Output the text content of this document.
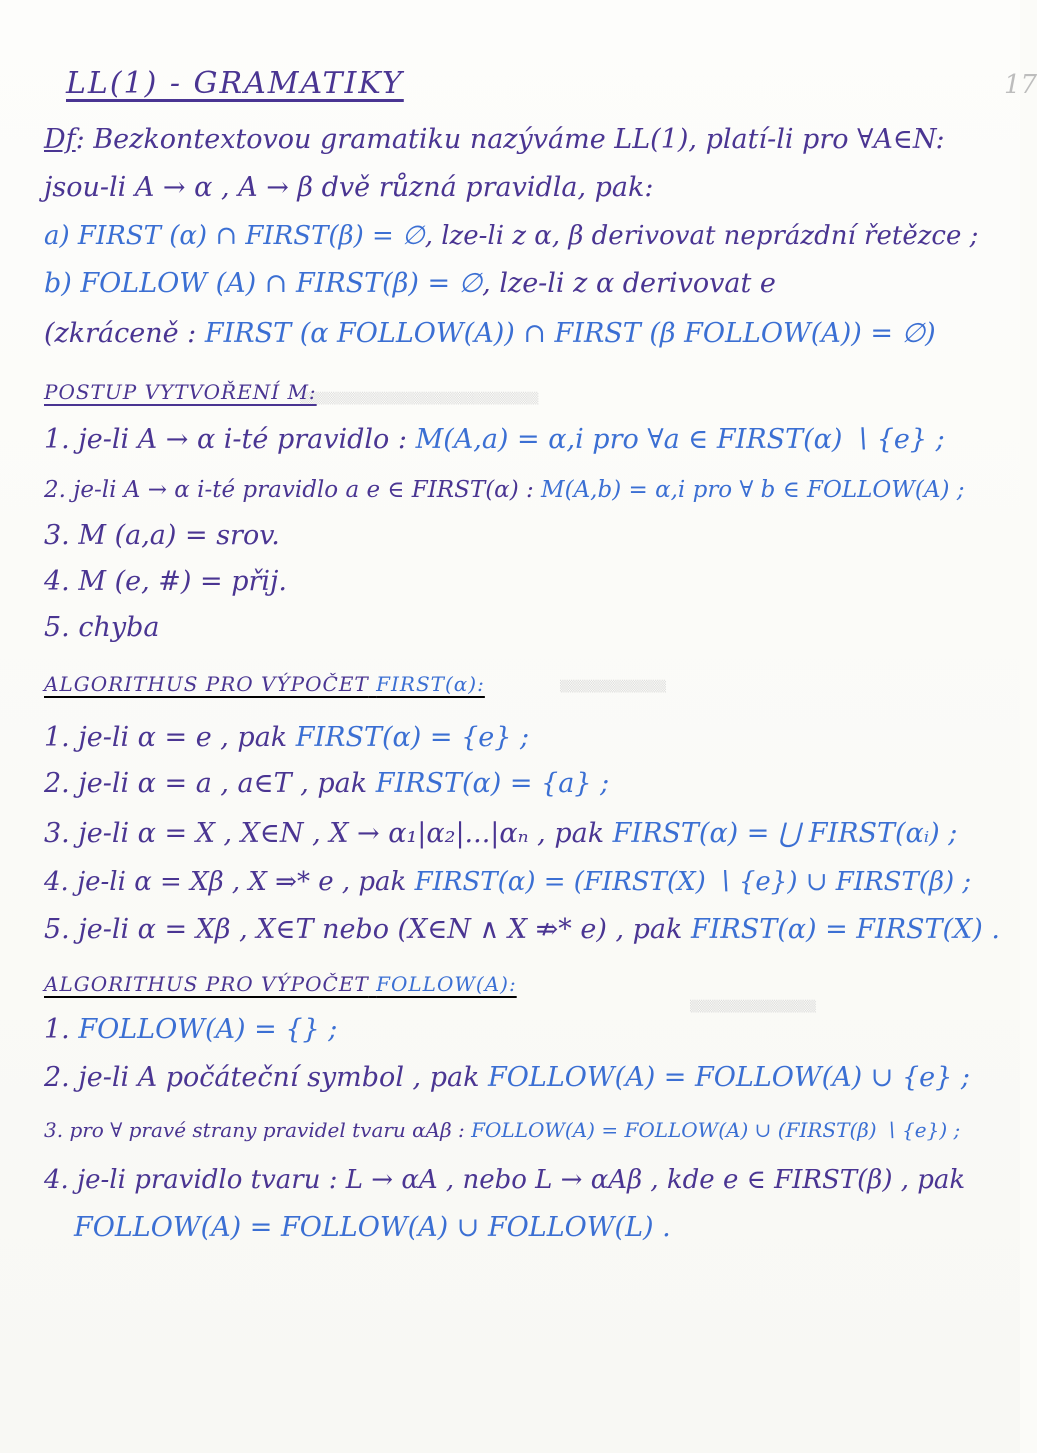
17
▒▒▒▒▒▒▒▒▒▒▒▒▒▒▒▒▒▒▒▒▒▒▒▒▒▒▒▒▒▒▒▒▒▒▒▒
▒▒▒▒▒▒▒▒▒▒▒▒▒▒▒▒
▒▒▒▒▒▒▒▒▒▒▒▒▒▒▒▒▒▒▒
LL(1) - GRAMATIKY
Df: Bezkontextovou gramatiku nazýváme LL(1), platí-li pro ∀A∈N:
jsou-li A → α , A → β dvě různá pravidla, pak:
a) FIRST (α) ∩ FIRST(β) = ∅, lze-li z α, β derivovat neprázdní řetězce ;
b) FOLLOW (A) ∩ FIRST(β) = ∅, lze-li z α derivovat e
(zkráceně : FIRST (α FOLLOW(A)) ∩ FIRST (β FOLLOW(A)) = ∅)
POSTUP VYTVOŘENÍ M:
1. je-li A → α i-té pravidlo : M(A,a) = α,i pro ∀a ∈ FIRST(α) ∖ {e} ;
2. je-li A → α i-té pravidlo a e ∈ FIRST(α) : M(A,b) = α,i pro ∀ b ∈ FOLLOW(A) ;
3. M (a,a) = srov.
4. M (e, #) = přij.
5. chyba
ALGORITHUS PRO VÝPOČET FIRST(α):
1. je-li α = e , pak FIRST(α) = {e} ;
2. je-li α = a , a∈T , pak FIRST(α) = {a} ;
3. je-li α = X , X∈N , X → α₁|α₂|...|αₙ , pak FIRST(α) = ⋃ FIRST(αᵢ) ;
4. je-li α = Xβ , X ⇒* e , pak FIRST(α) = (FIRST(X) ∖ {e}) ∪ FIRST(β) ;
5. je-li α = Xβ , X∈T nebo (X∈N ∧ X ⇏* e) , pak FIRST(α) = FIRST(X) .
ALGORITHUS PRO VÝPOČET FOLLOW(A):
1. FOLLOW(A) = {} ;
2. je-li A počáteční symbol , pak FOLLOW(A) = FOLLOW(A) ∪ {e} ;
3. pro ∀ pravé strany pravidel tvaru αAβ : FOLLOW(A) = FOLLOW(A) ∪ (FIRST(β) ∖ {e}) ;
4. je-li pravidlo tvaru : L → αA , nebo L → αAβ , kde e ∈ FIRST(β) , pak
FOLLOW(A) = FOLLOW(A) ∪ FOLLOW(L) .
